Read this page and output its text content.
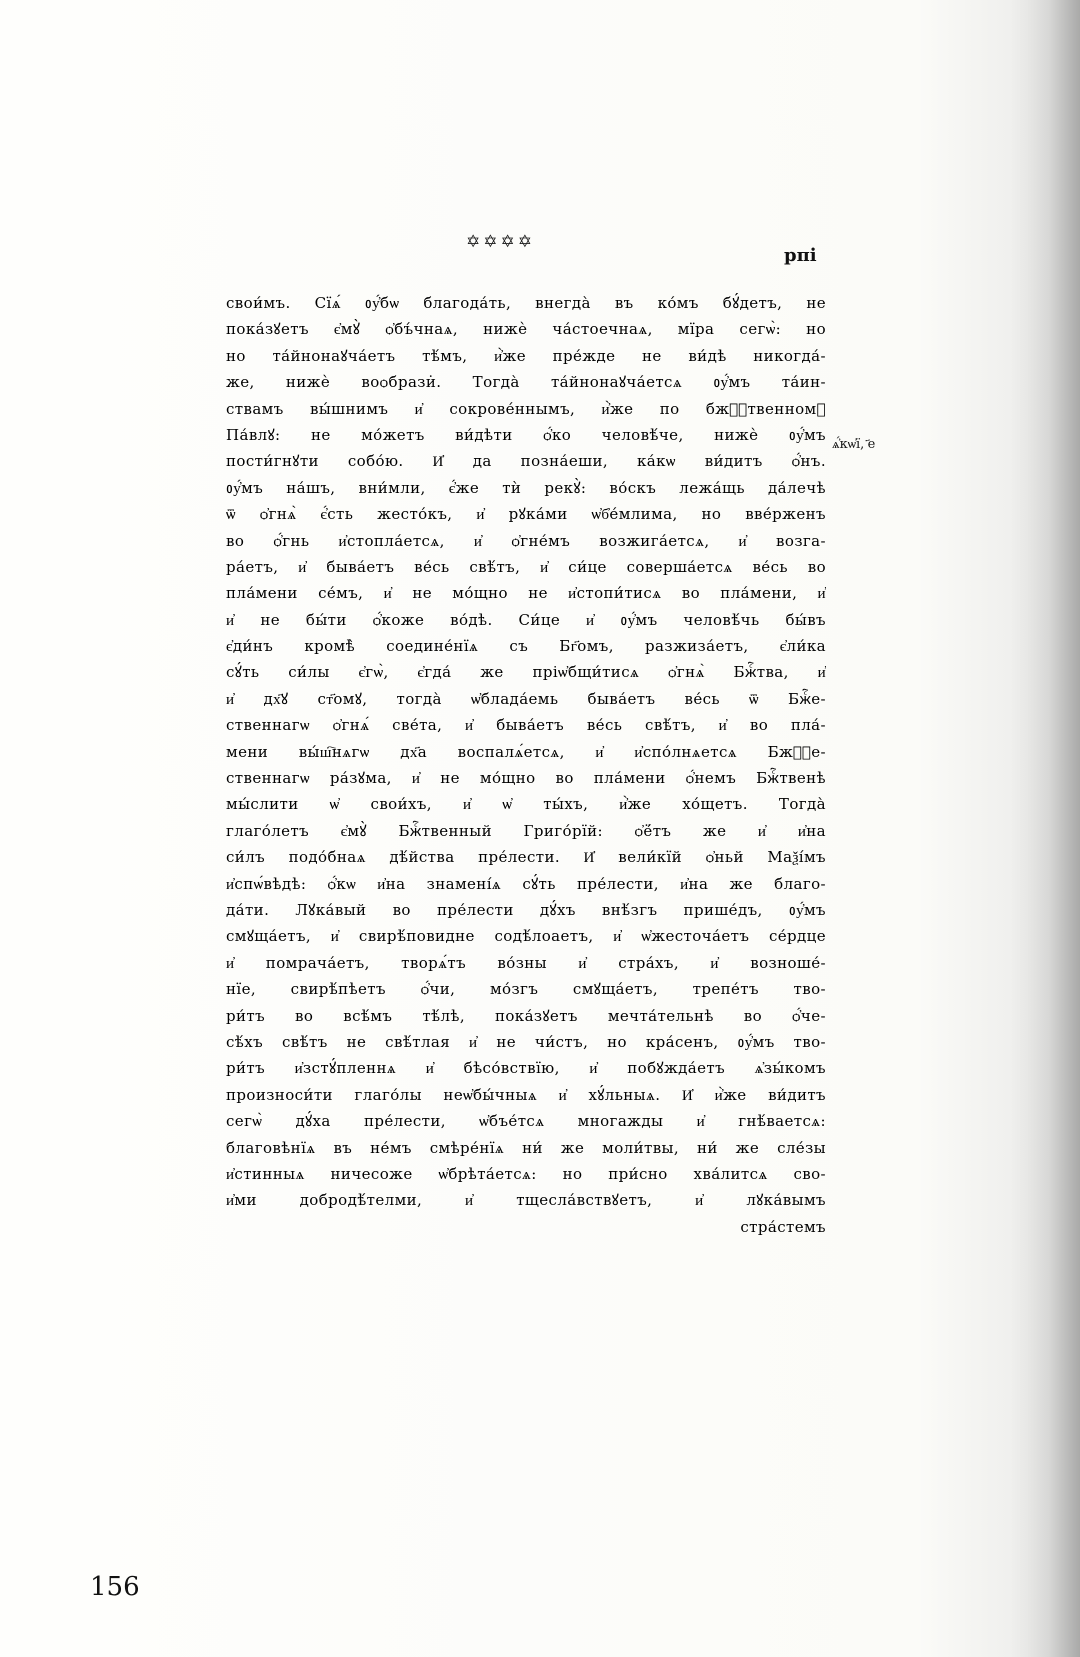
✡✡✡✡
рпі
свои́мъ. Сїѧ́ ᲂу҆́бѡ благода́ть, внегда̀ въ ко́мъ бꙋ́детъ, не
пока́зꙋетъ є҆мꙋ̀ ѻ҆бъ́чнаѧ, нижѐ ча́стоечнаѧ, мїра сегѡ̀: но
но та́йнонаꙋча́етъ тѣ́мъ, и҆̀же пре́жде не ви́дѣ никогда́-
же, нижѐ воѻбрази̇. Тогда̀ та́йнонаꙋча́етсѧ ᲂу҆́мъ та́ин-
ствамъ вы́шнимъ и҆ сокрове́ннымъ, и҆̀же по бжⷭ҇твенномꙋ
Па́влꙋ: не мо́жетъ ви́дѣти ѻ҆́ко человѣ́че, нижѐ ᲂу҆́мъ
пости́гнꙋти собо́ю. И҆ да позна́еши, ка́кѡ ви́дитъ ѻ҆́нъ.
ᲂу҆́мъ на́шъ, вни́мли, є҆́же тѝ рекꙋ̀: во́скъ лежа́щь да́лечѣ
ѿ ѻ҆гнѧ̀ є҆́сть жесто́къ, и҆ рꙋка́ми ѡ҆б҆е́млима, но вве́рженъ
во ѻ҆́гнь и҆стопла́етсѧ, и҆ ѻ҆гне́мъ возжига́етсѧ, и҆ возга-
ра́етъ, и҆ быва́етъ ве́сь свѣ́тъ, и҆ си́це соверша́етсѧ ве́сь во
пла́мени се́мъ, и҆ не мо́щно не и҆стопи́тисѧ во пла́мени, и҆
и҆ не бы́ти ѻ҆́коже во́дѣ. Си́це и҆ ᲂу҆́мъ человѣ́чь бы́въ
є҆ди́нъ кромѣ̀ соедине́нїѧ съ Бг҃омъ, разжиза́етъ, є҆ли́ка
сꙋ́ть си́лы є҆гѡ̀, є҆гда́ же пріѡ҆бщи́тисѧ ѻ҆гнѧ̀ Бжⷭ҇тва, и҆
и҆ дх҃ꙋ ст҃омꙋ, тогда̀ ѡ҆блада́емь быва́етъ ве́сь ѿ Бжⷭ҇е-
ственнагѡ ѻ҆гнѧ́ све́та, и҆ быва́етъ ве́сь свѣ́тъ, и҆ во пла́-
мени вы́ш҇нѧгѡ дх҃а воспалѧ́етсѧ, и҆ и҆спо́лнѧетсѧ Бжⷭ҇е-
ственнагѡ ра́зꙋма, и҆ не мо́щно во пла́мени ѻ҆́немъ Бжⷭ҇твенѣ
мы́слити ѡ҆ свои́хъ, и҆ ѡ҆ ты́хъ, и҆̀же хо́щетъ. Тогда̀
глаго́летъ є҆мꙋ̀ Бжⷭ҇твенный Григо́рїй: ѻ҆ё́тъ же и҆ и҆на
си́лъ подо́бнаѧ дѣ́йства пре́лести. И҆ вели́кїй ѻ҆ньй Маѯі́мъ
и҆спѡ́вѣдѣ: ѻ҆́кѡ и҆на знамені́ѧ сꙋ́ть пре́лести, и҆на же благо-
да́ти. Лꙋка́вый во пре́лести дꙋ́хъ внѣ́згъ прише́дъ, ᲂу҆́мъ
смꙋща́етъ, и҆ свирѣ́повидне содѣ́лоаетъ, и҆ ѡ҆жесточа́етъ се́рдце
и҆ помрача́етъ, творѧ́тъ во́зны и҆ стра́хъ, и҆ возноше́-
нїе, свирѣ́пѣетъ ѻ҆́чи, мо́згъ смꙋща́етъ, трепе́тъ тво-
ри́тъ во всѣ́мъ тѣ́лѣ, пока́зꙋетъ мечта́тельнѣ во ѻ҆́че-
сѣ́хъ свѣ́тъ не свѣ́тлая и҆ не чи́стъ, но кра́сенъ, ᲂу҆́мъ тво-
ри́тъ и҆зстꙋ́пленнѧ и҆ бѣсо́вствїю, и҆ побꙋжда́етъ ѧ҆зы́комъ
произноси́ти глаго́лы неѡ҆бы́чныѧ и҆ хꙋ́льныѧ. И҆ и҆̀же ви́дитъ
сегѡ̀ дꙋ́ха пре́лести, ѡ҆бъе́тсѧ многажды и҆ гнѣ́ваетсѧ:
благовѣнїѧ въ не́мъ смѣре́нїѧ ни́ же моли́твы, ни́ же сле́зы
и҆стинныѧ ничесоже ѡ҆брѣта́етсѧ: но при́сно хва́литсѧ сво-
и҆ми добродѣ́телми, и҆ тщесла́вствꙋетъ, и҆ лꙋка́вымъ
стра́стемъ
ѧ҆́кѡ҆ї, ҃е
156
